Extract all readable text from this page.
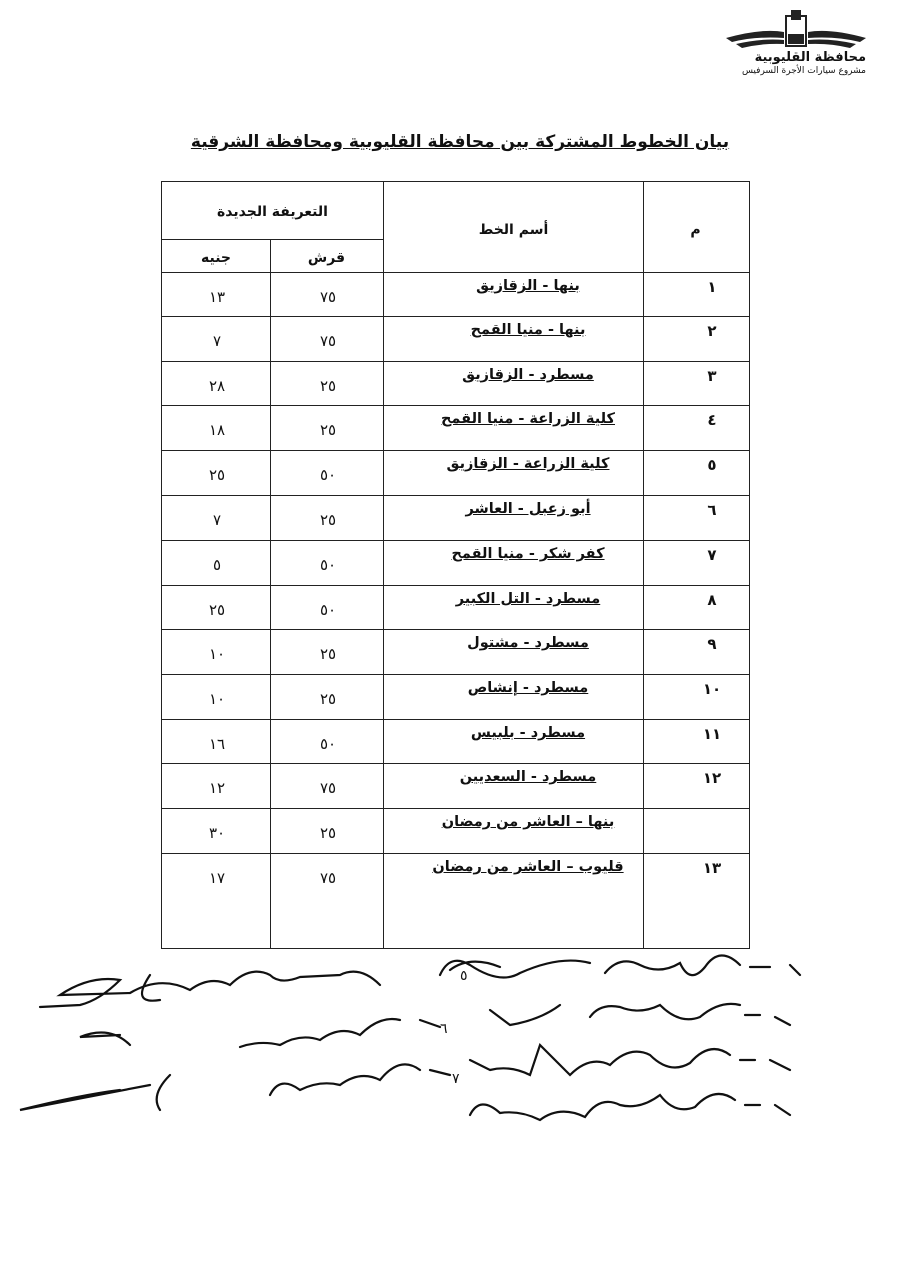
محافظة القليوبية
مشروع سيارات الأجرة السرفيس
بيان الخطوط المشتركة بين محافظة القليوبية ومحافظة الشرقية
م
أسم الخط
التعريفة الجديدة
قرش
جنيه
١
بنها - الزقازيق
٧٥
١٣
٢
بنها - منيا القمح
٧٥
٧
٣
مسطرد - الزقازيق
٢٥
٢٨
٤
كلية الزراعة - منيا القمح
٢٥
١٨
٥
كلية الزراعة - الزقازيق
٥٠
٢٥
٦
أبو زعبل - العاشر
٢٥
٧
٧
كفر شكر - منيا القمح
٥٠
٥
٨
مسطرد - التل الكبير
٥٠
٢٥
٩
مسطرد - مشتول
٢٥
١٠
١٠
مسطرد - إنشاص
٢٥
١٠
١١
مسطرد - بلبيس
٥٠
١٦
١٢
مسطرد - السعديين
٧٥
١٢
بنها – العاشر من رمضان
٢٥
٣٠
١٣
قليوب – العاشر من رمضان
٧٥
١٧
٥
٦
٧
